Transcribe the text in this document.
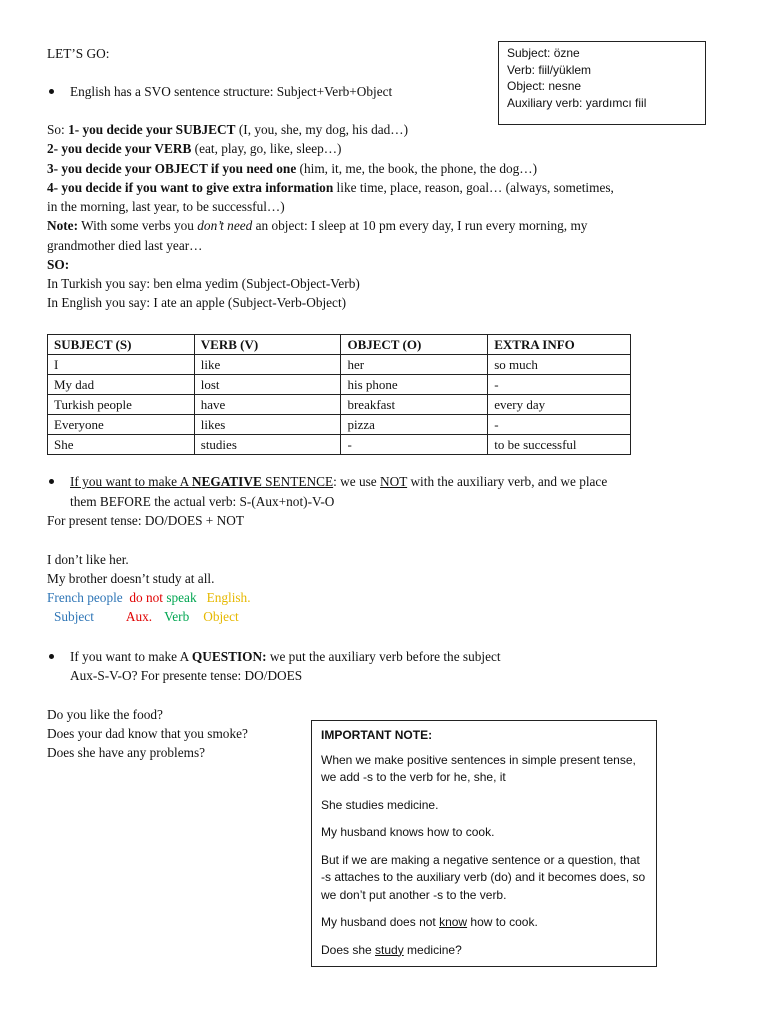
LET’S GO:
English has a SVO sentence structure: Subject+Verb+Object
Subject: özne
Verb: fiil/yüklem
Object: nesne
Auxiliary verb: yardımcı fiil
So: 1- you decide your SUBJECT (I, you, she, my dog, his dad…)
2- you decide your VERB (eat, play, go, like, sleep…)
3- you decide your OBJECT if you need one (him, it, me, the book, the phone, the dog…)
4- you decide if you want to give extra information like time, place, reason, goal… (always, sometimes,
in the morning, last year, to be successful…)
Note: With some verbs you don’t need an object: I sleep at 10 pm every day, I run every morning, my
grandmother died last year…
SO:
In Turkish you say: ben elma yedim (Subject-Object-Verb)
In English you say: I ate an apple (Subject-Verb-Object)
SUBJECT (S)	VERB (V)	OBJECT (O)	EXTRA INFO
I	like	her	so much
My dad	lost	his phone	-
Turkish people	have	breakfast	every day
Everyone	likes	pizza	-
She	studies	-	to be successful
If you want to make A NEGATIVE SENTENCE: we use NOT with the auxiliary verb, and we place
them BEFORE the actual verb: S-(Aux+not)-V-O
For present tense: DO/DOES + NOT
I don’t like her.
My brother doesn’t study at all.
French people do not speak English.
Subject Aux. Verb Object
If you want to make A QUESTION: we put the auxiliary verb before the subject
Aux-S-V-O? For presente tense: DO/DOES
Do you like the food?
Does your dad know that you smoke?
Does she have any problems?

IMPORTANT NOTE:

When we make positive sentences in simple present tense, we add -s to the verb for he, she, it

She studies medicine.

My husband knows how to cook.

But if we are making a negative sentence or a question, that -s attaches to the auxiliary verb (do) and it becomes does, so we don’t put another -s to the verb.

My husband does not know how to cook.

Does she study medicine?
